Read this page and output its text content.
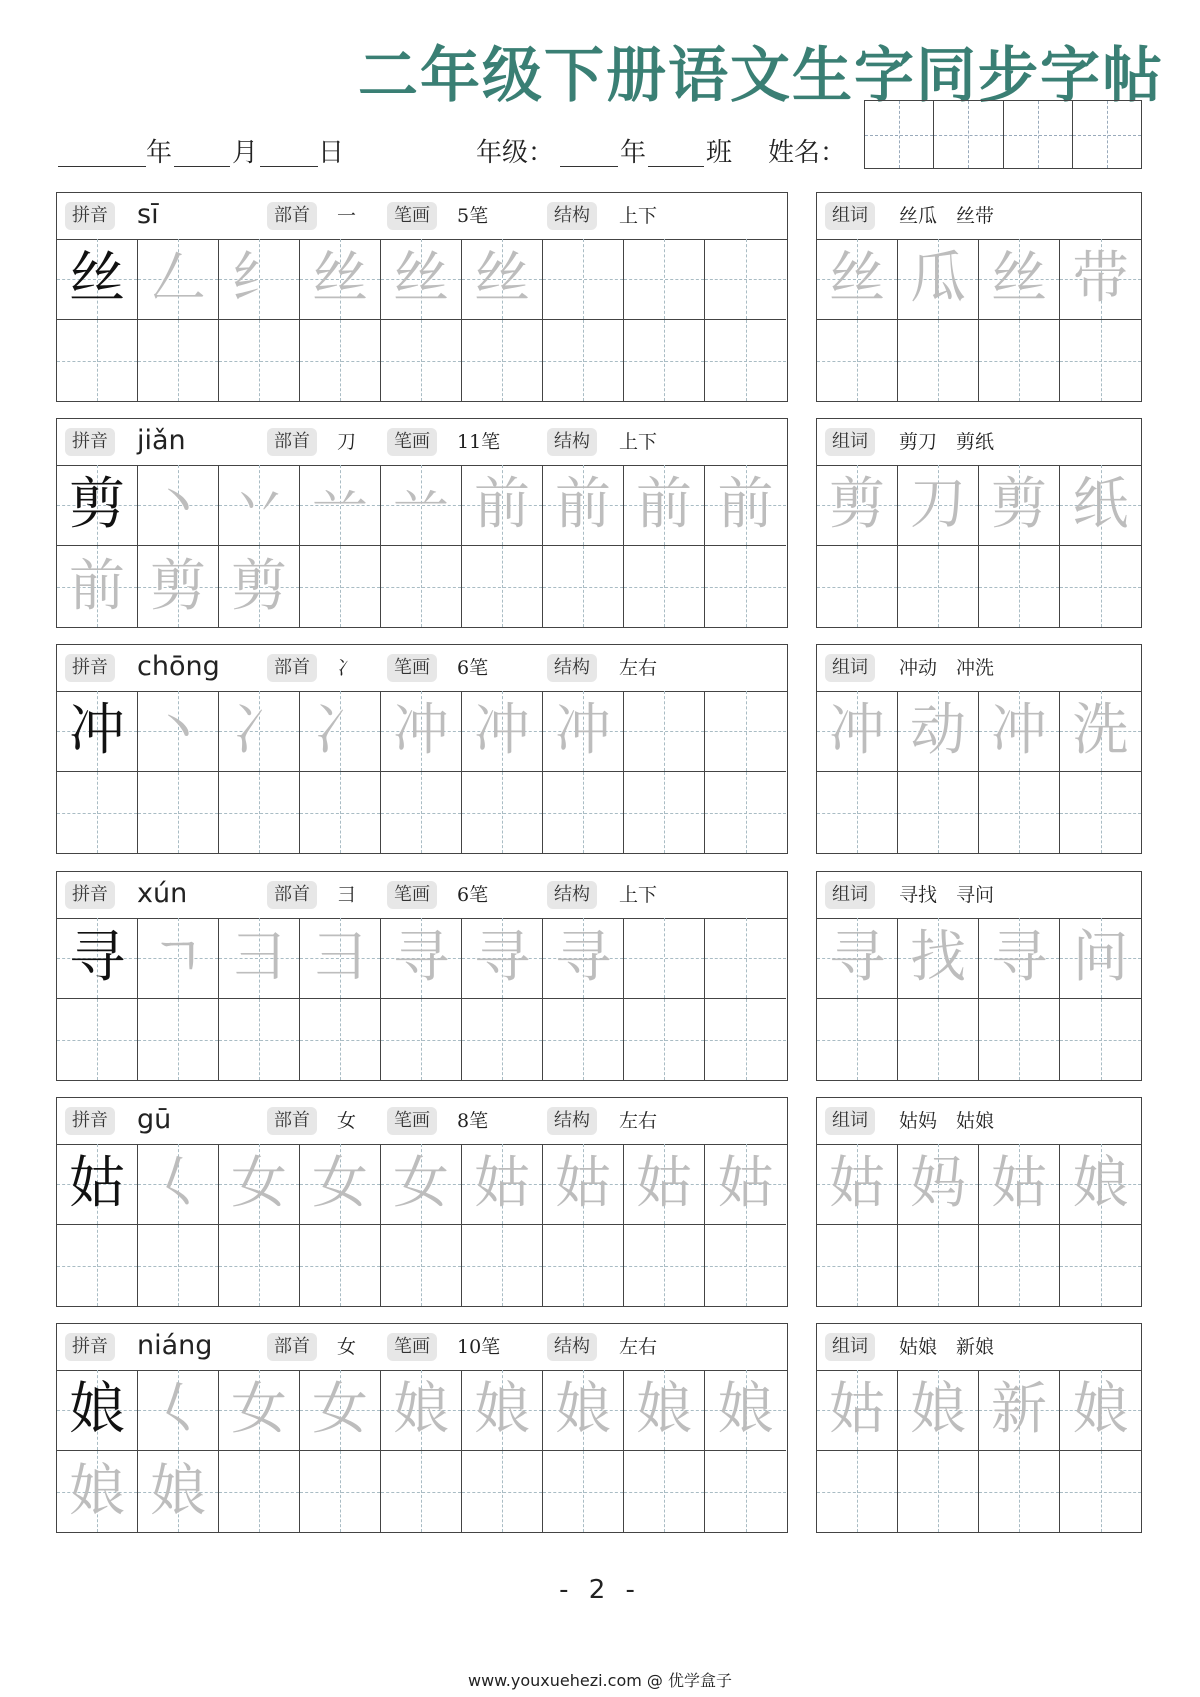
二年级下册语文生字同步字帖
年 月 日	年级：	年 班 姓名：
拼音 sī	部首	一	笔画	5笔	结构	上下
丝 𠃋 纟 丝 丝 丝
组词	丝瓜　丝带
丝 瓜 丝 带
拼音 jiǎn	部首	刀	笔画	11笔	结构	上下
剪 丶 丷 䒑 䒑 前 前 前 前
前 剪 剪
组词	剪刀　剪纸
剪 刀 剪 纸
拼音 chōng	部首	冫	笔画	6笔	结构	左右
冲 丶 冫 冫 冲 冲 冲
组词	冲动　冲洗
冲 动 冲 洗
拼音 xún	部首	彐	笔画	6笔	结构	上下
寻 ㄱ 彐 彐 寻 寻 寻
组词	寻找　寻问
寻 找 寻 问
拼音 gū	部首	女	笔画	8笔	结构	左右
姑 𡿨 女 女 女 姑 姑 姑 姑
组词	姑妈　姑娘
姑 妈 姑 娘
拼音 niáng	部首	女	笔画	10笔	结构	左右
娘 𡿨 女 女 娘 娘 娘 娘 娘
娘 娘
组词	姑娘　新娘
姑 娘 新 娘
- 2 -
www.youxuehezi.com @ 优学盒子
